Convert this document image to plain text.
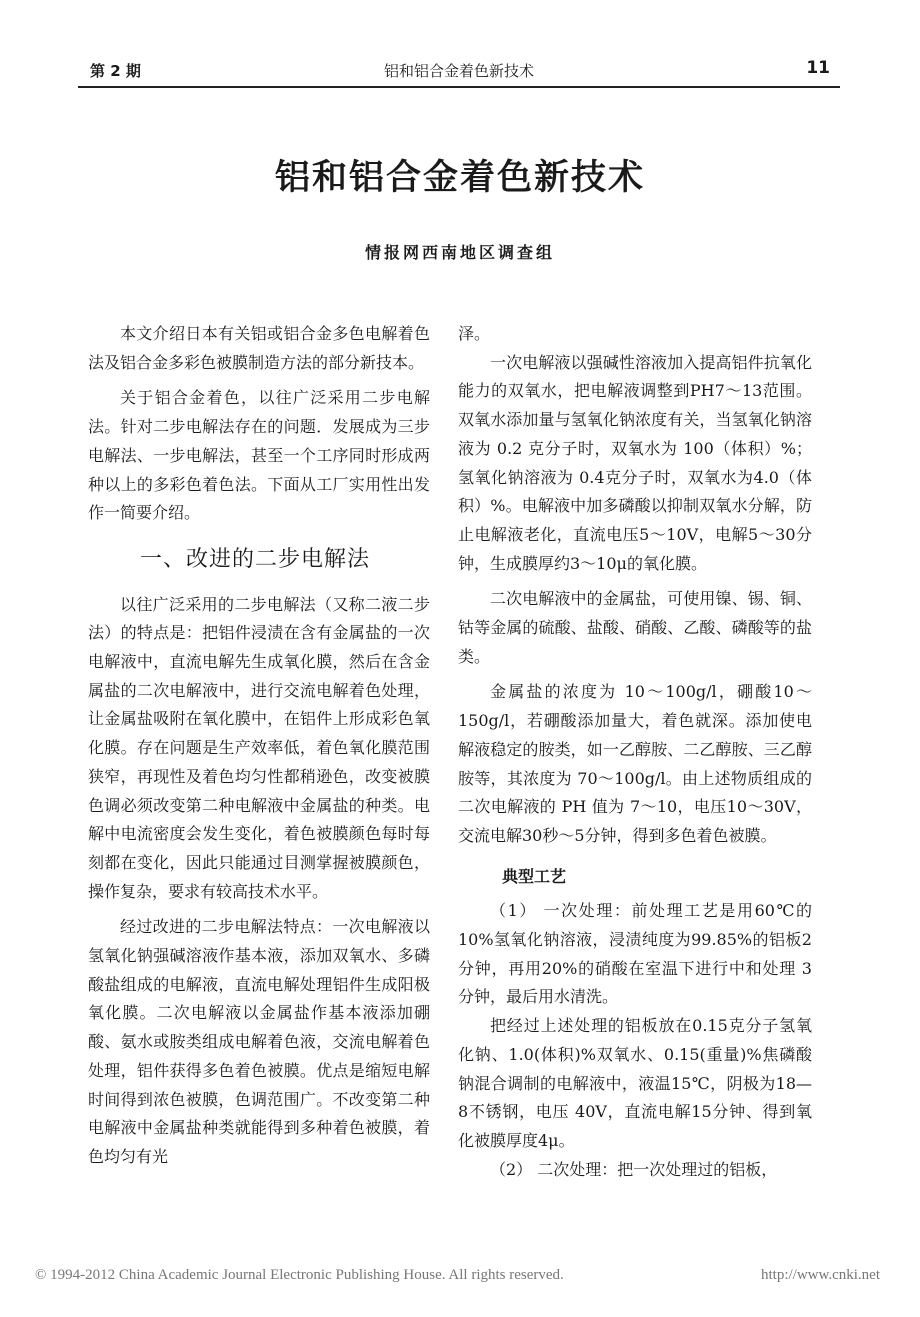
第 2 期	铝和铝合金着色新技术	11
铝和铝合金着色新技术
情报网西南地区调查组

本文介绍日本有关铝或铝合金多色电解着色法及铝合金多彩色被膜制造方法的部分新技本。

关于铝合金着色，以往广泛采用二步电解法。针对二步电解法存在的问题．发展成为三步电解法、一步电解法，甚至一个工序同时形成两种以上的多彩色着色法。下面从工厂实用性出发作一简要介绍。

一、改进的二步电解法

以往广泛采用的二步电解法（又称二液二步法）的特点是：把铝件浸渍在含有金属盐的一次电解液中，直流电解先生成氧化膜，然后在含金属盐的二次电解液中，进行交流电解着色处理，让金属盐吸附在氧化膜中，在铝件上形成彩色氧化膜。存在问题是生产效率低，着色氧化膜范围狭窄，再现性及着色均匀性都稍逊色，改变被膜色调必须改变第二种电解液中金属盐的种类。电解中电流密度会发生变化，着色被膜颜色每时每刻都在变化，因此只能通过目测掌握被膜颜色，操作复杂，要求有较高技术水平。

经过改进的二步电解法特点：一次电解液以氢氧化钠强碱溶液作基本液，添加双氧水、多磷酸盐组成的电解液，直流电解处理铝件生成阳极氧化膜。二次电解液以金属盐作基本液添加硼酸、氨水或胺类组成电解着色液，交流电解着色处理，铝件获得多色着色被膜。优点是缩短电解时间得到浓色被膜，色调范围广。不改变第二种电解液中金属盐种类就能得到多种着色被膜，着色均匀有光

泽。

一次电解液以强碱性溶液加入提高铝件抗氧化能力的双氧水，把电解液调整到PH7～13范围。双氧水添加量与氢氧化钠浓度有关，当氢氧化钠溶液为 0.2 克分子时，双氧水为 100（体积）%；氢氧化钠溶液为 0.4克分子时，双氧水为4.0（体积）%。电解液中加多磷酸以抑制双氧水分解，防止电解液老化，直流电压5～10V，电解5～30分钟，生成膜厚约3～10μ的氧化膜。

二次电解液中的金属盐，可使用镍、锡、铜、钴等金属的硫酸、盐酸、硝酸、乙酸、磷酸等的盐类。

金属盐的浓度为 10～100g/l，硼酸10～150g/l，若硼酸添加量大，着色就深。添加使电解液稳定的胺类，如一乙醇胺、二乙醇胺、三乙醇胺等，其浓度为 70～100g/l。由上述物质组成的二次电解液的 PH 值为 7～10，电压10～30V，交流电解30秒～5分钟，得到多色着色被膜。

典型工艺

（1） 一次处理：前处理工艺是用60℃的10%氢氧化钠溶液，浸渍纯度为99.85%的铝板2分钟，再用20%的硝酸在室温下进行中和处理 3 分钟，最后用水清洗。

把经过上述处理的铝板放在0.15克分子氢氧化钠、1.0(体积)%双氧水、0.15(重量)%焦磷酸钠混合调制的电解液中，液温15℃，阴极为18—8不锈钢，电压 40V，直流电解15分钟、得到氧化被膜厚度4μ。

（2） 二次处理：把一次处理过的铝板，

© 1994-2012 China Academic Journal Electronic Publishing House. All rights reserved.	http://www.cnki.net
